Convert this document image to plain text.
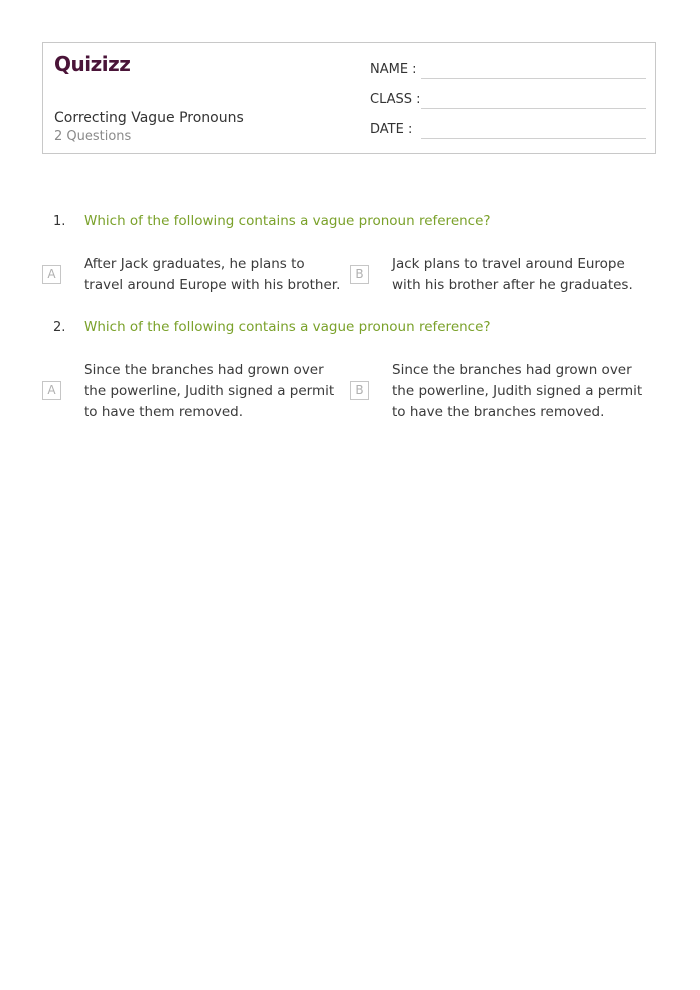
Quizizz
Correcting Vague Pronouns
2 Questions
NAME :
CLASS :
DATE :
1. Which of the following contains a vague pronoun reference?
A
After Jack graduates, he plans to travel around Europe with his brother.
B
Jack plans to travel around Europe with his brother after he graduates.
2. Which of the following contains a vague pronoun reference?
A
Since the branches had grown over the powerline, Judith signed a permit to have them removed.
B
Since the branches had grown over the powerline, Judith signed a permit to have the branches removed.
